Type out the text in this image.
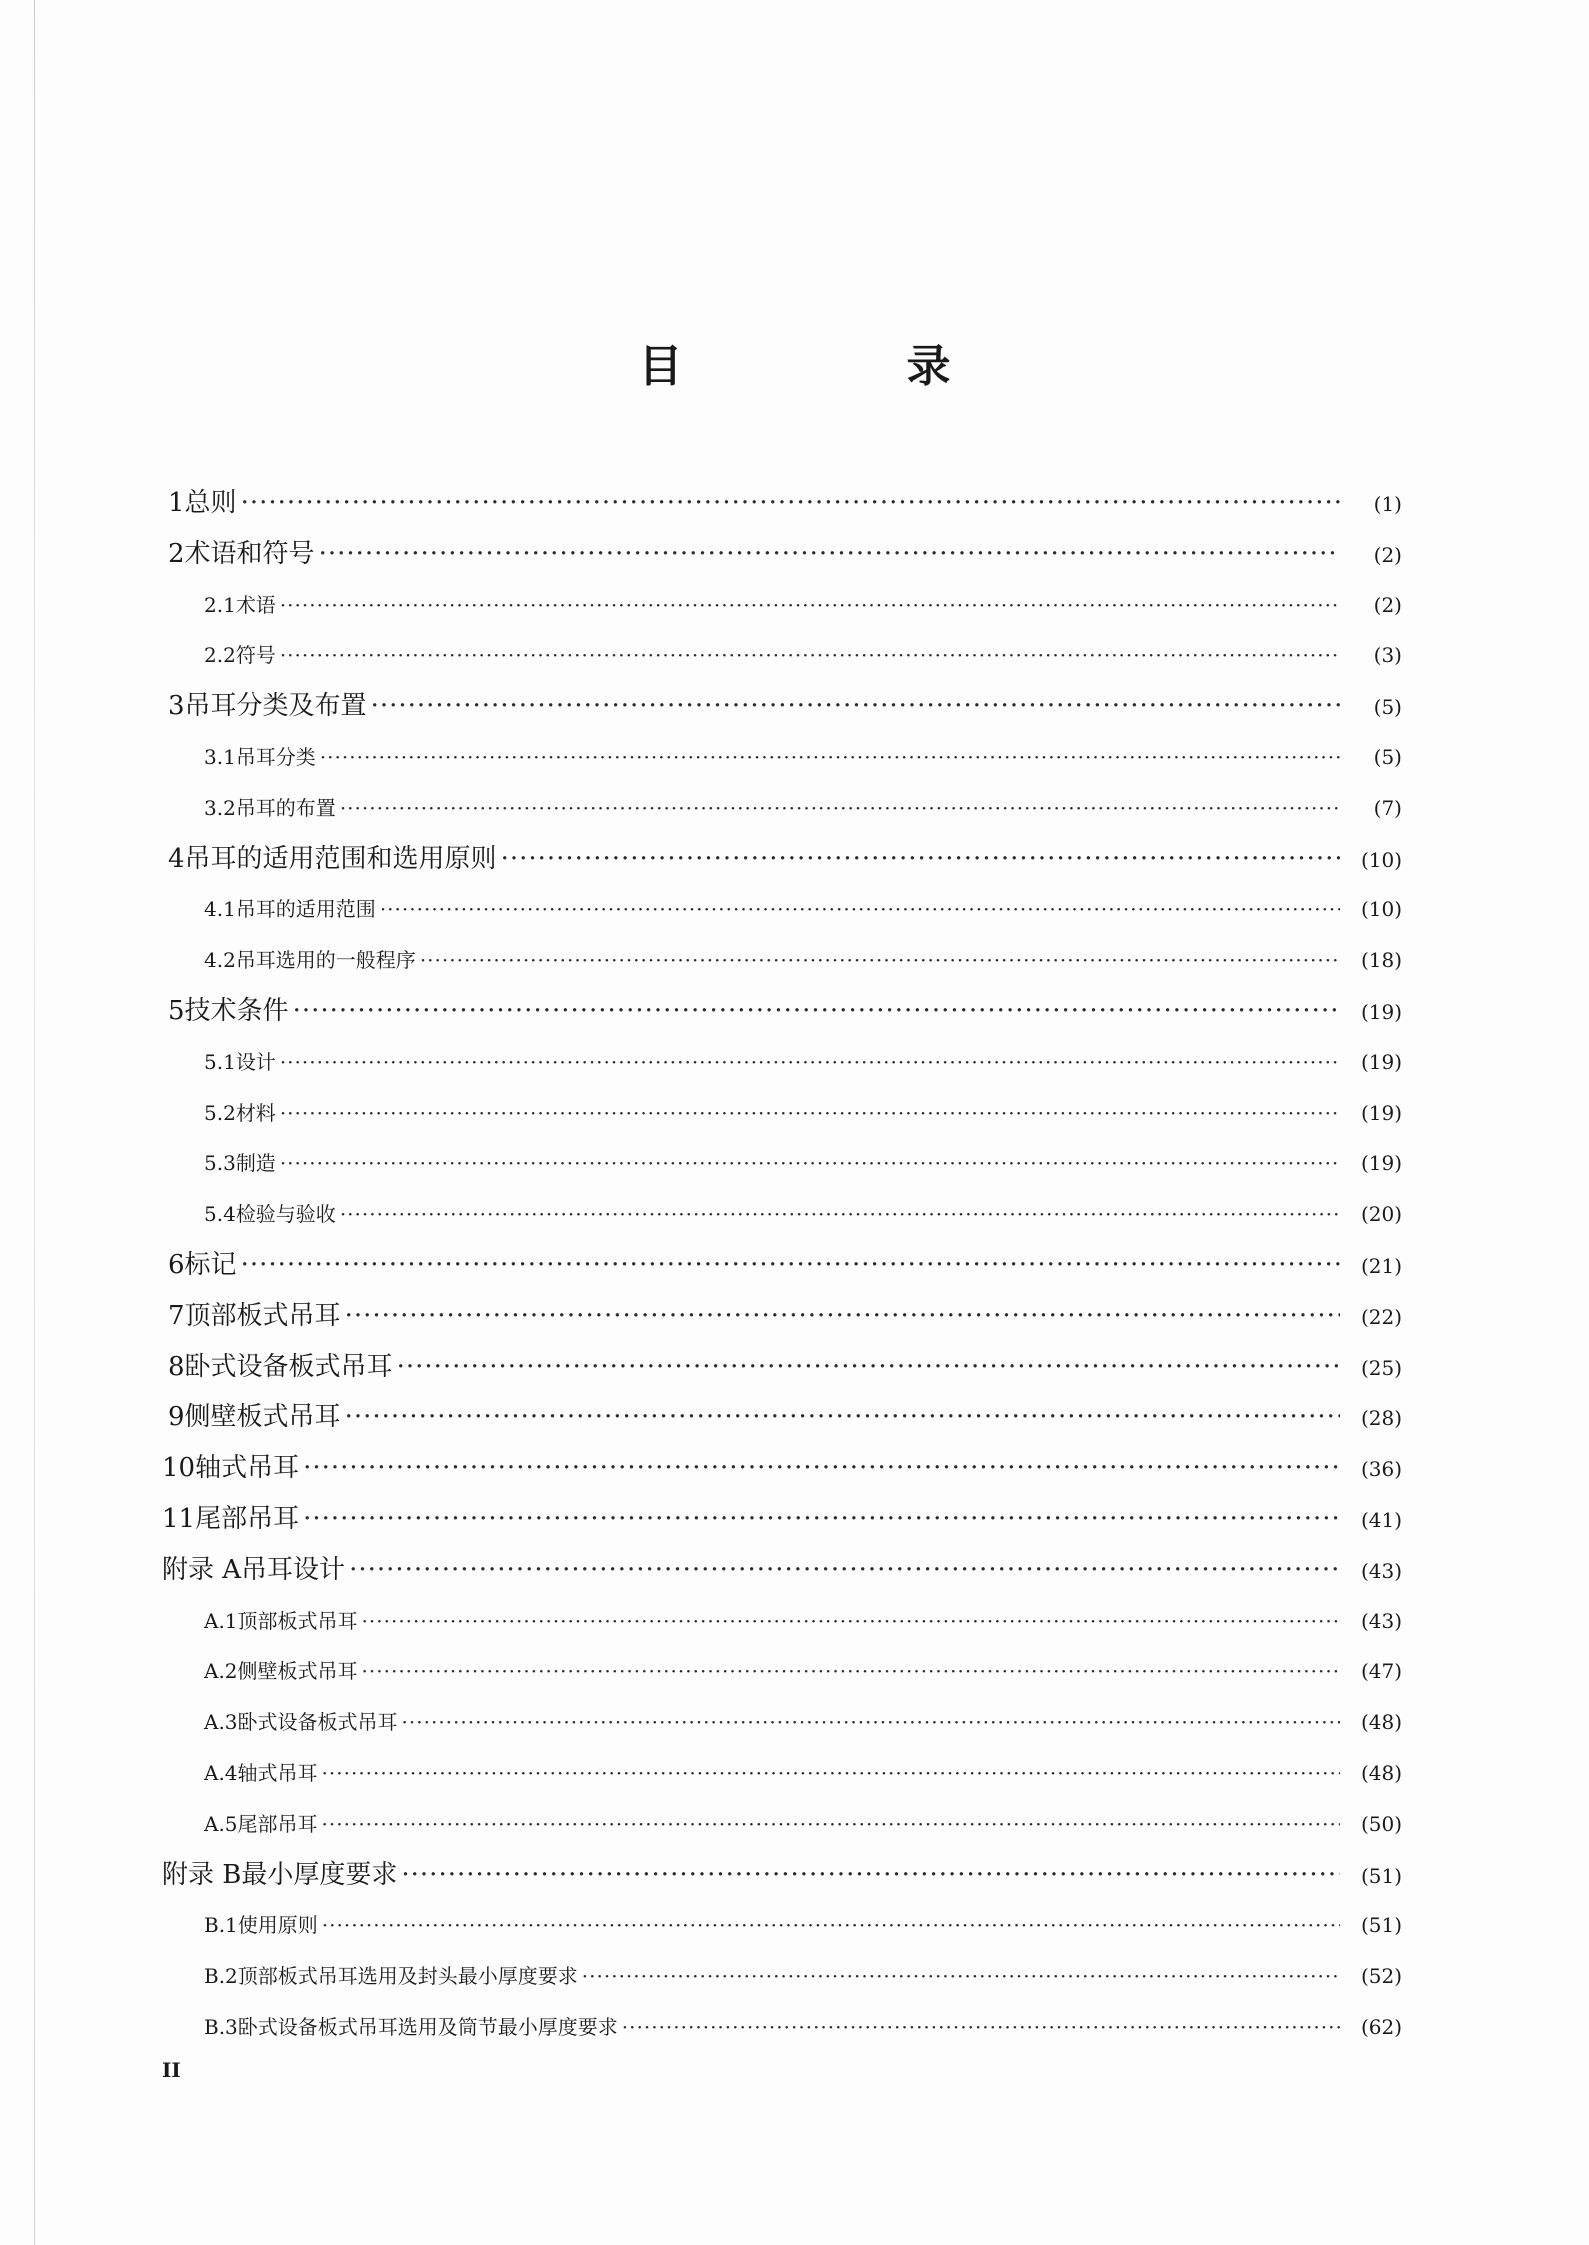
目　录
1 总则 ·····	(1)
2 术语和符号 ·····	(2)
2.1 术语 ·····	(2)
2.2 符号 ·····	(3)
3 吊耳分类及布置 ·····	(5)
3.1 吊耳分类 ·····	(5)
3.2 吊耳的布置 ·····	(7)
4 吊耳的适用范围和选用原则 ·····	(10)
4.1 吊耳的适用范围 ·····	(10)
4.2 吊耳选用的一般程序 ·····	(18)
5 技术条件 ·····	(19)
5.1 设计 ·····	(19)
5.2 材料 ·····	(19)
5.3 制造 ·····	(19)
5.4 检验与验收 ·····	(20)
6 标记 ·····	(21)
7 顶部板式吊耳 ·····	(22)
8 卧式设备板式吊耳 ·····	(25)
9 侧壁板式吊耳 ·····	(28)
10 轴式吊耳 ·····	(36)
11 尾部吊耳 ·····	(41)
附录 A 吊耳设计 ·····	(43)
A.1 顶部板式吊耳 ·····	(43)
A.2 侧壁板式吊耳 ·····	(47)
A.3 卧式设备板式吊耳 ·····	(48)
A.4 轴式吊耳 ·····	(48)
A.5 尾部吊耳 ·····	(50)
附录 B 最小厚度要求 ·····	(51)
B.1 使用原则 ·····	(51)
B.2 顶部板式吊耳选用及封头最小厚度要求 ·····	(52)
B.3 卧式设备板式吊耳选用及筒节最小厚度要求 ·····	(62)
II
